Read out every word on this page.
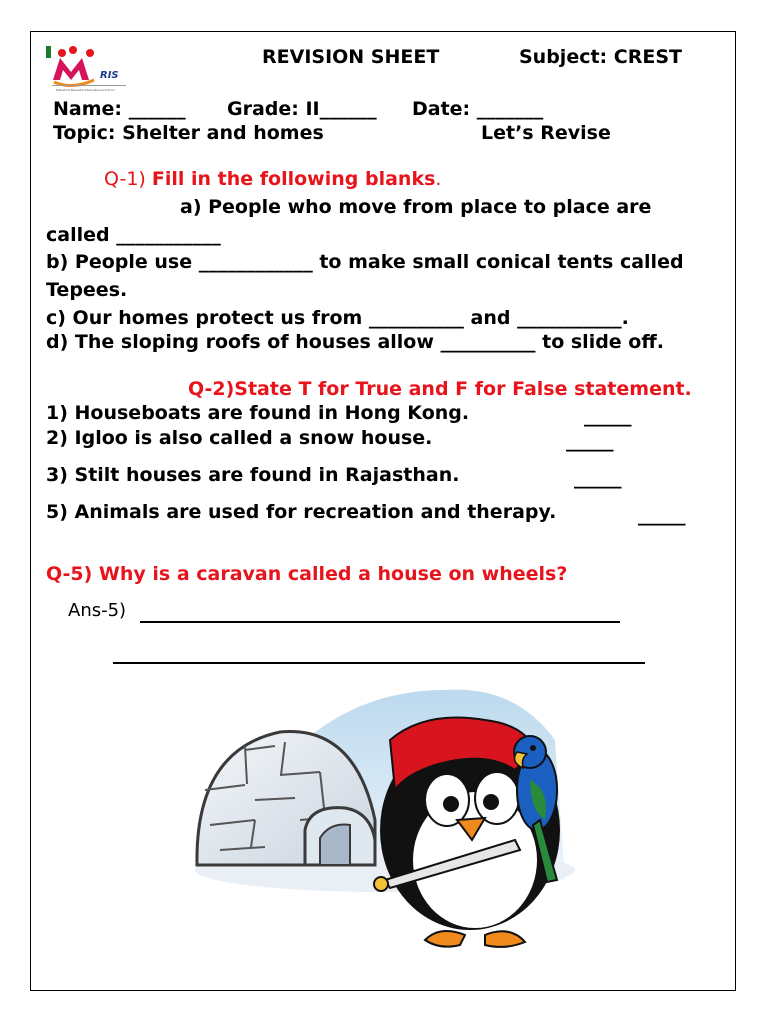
RIS
Mahatma Beeraha International School
REVISION SHEET	Subject: CREST
Name: ______ Grade: II______ Date: _______
Topic: Shelter and homes	Let’s Revise
Q-1) Fill in the following blanks.
a) People who move from place to place are
called ___________
b) People use ____________ to make small conical tents called
Tepees.
c) Our homes protect us from __________ and ___________.
d) The sloping roofs of houses allow __________ to slide off.
Q-2)State T for True and F for False statement.
1) Houseboats are found in Hong Kong.	_____
2) Igloo is also called a snow house.	_____
3) Stilt houses are found in Rajasthan.	_____
5) Animals are used for recreation and therapy.	_____
Q-5) Why is a caravan called a house on wheels?
Ans-5)
